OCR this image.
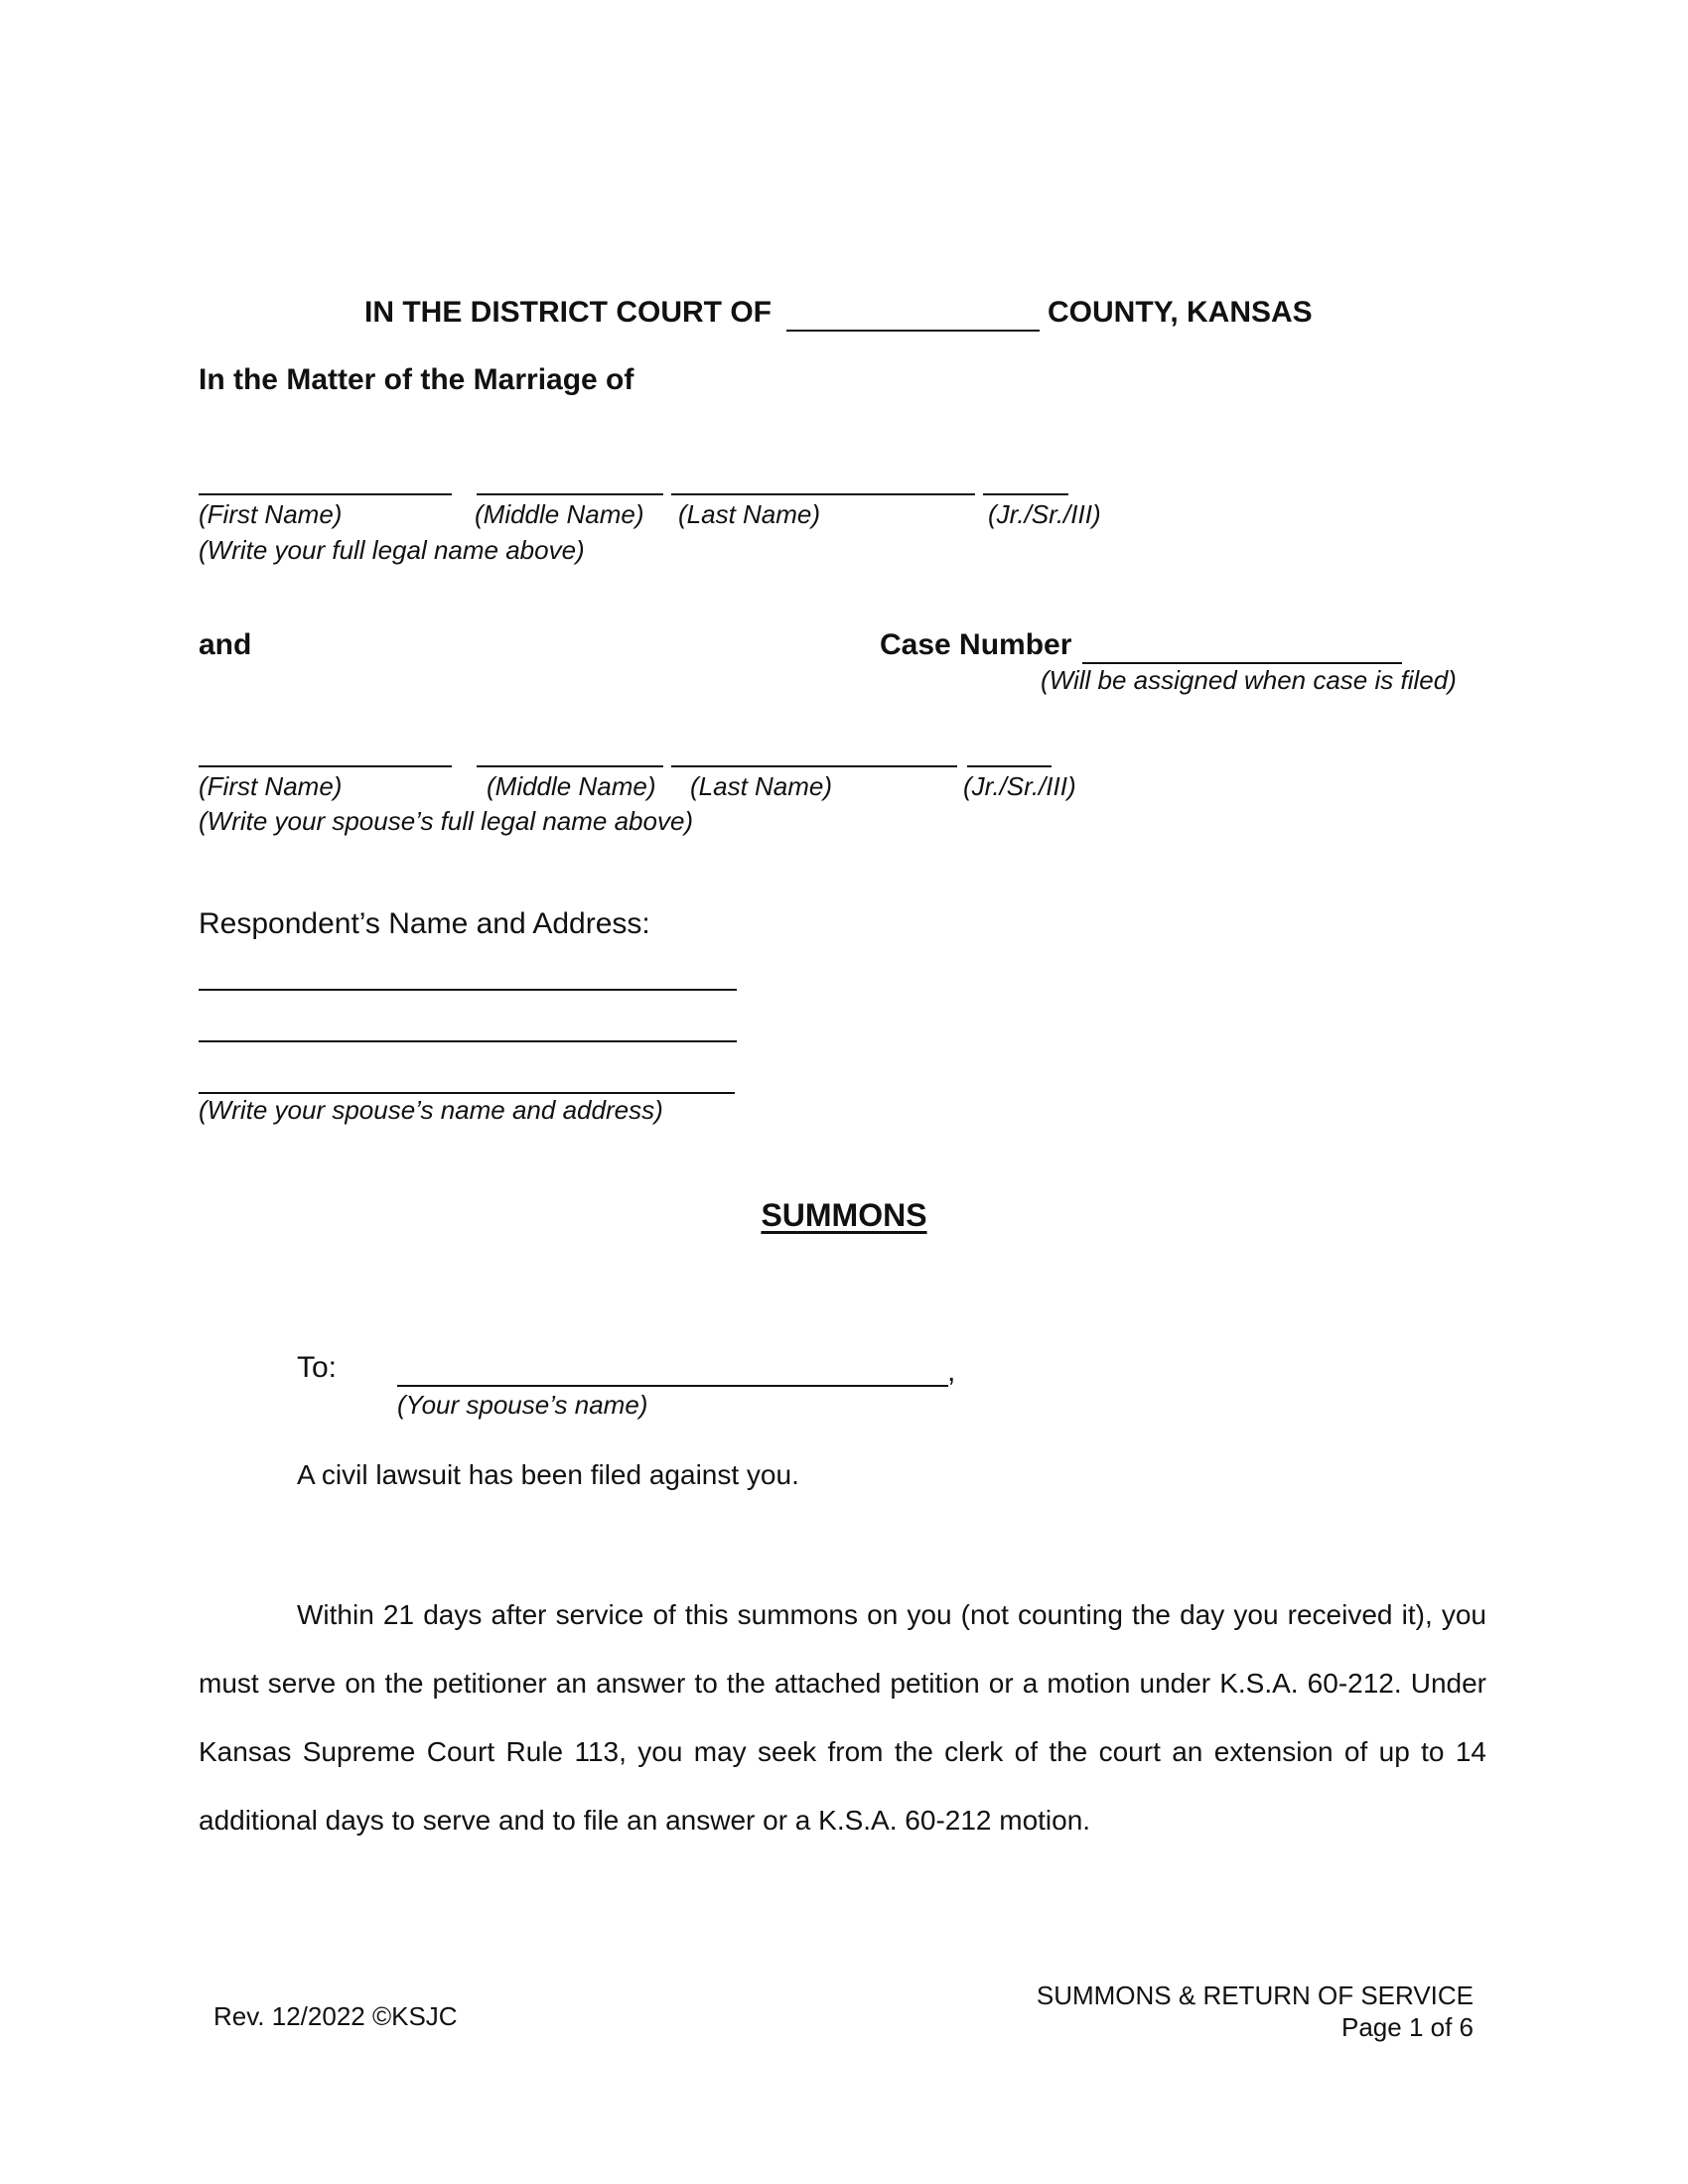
IN THE DISTRICT COURT OF	COUNTY, KANSAS
In the Matter of the Marriage of
(First Name)	(Middle Name) (Last Name)	(Jr./Sr./III)
(Write your full legal name above)
and	Case Number
(Will be assigned when case is filed)
(First Name)	(Middle Name) (Last Name)	(Jr./Sr./III)
(Write your spouse’s full legal name above)
Respondent’s Name and Address:
(Write your spouse’s name and address)
SUMMONS
To:	,
(Your spouse’s name)
A civil lawsuit has been filed against you.
Within 21 days after service of this summons on you (not counting the day you received it), you must serve on the petitioner an answer to the attached petition or a motion under K.S.A. 60-212. Under Kansas Supreme Court Rule 113, you may seek from the clerk of the court an extension of up to 14 additional days to serve and to file an answer or a K.S.A. 60-212 motion.
Rev. 12/2022 ©KSJC
SUMMONS & RETURN OF SERVICE
Page 1 of 6
